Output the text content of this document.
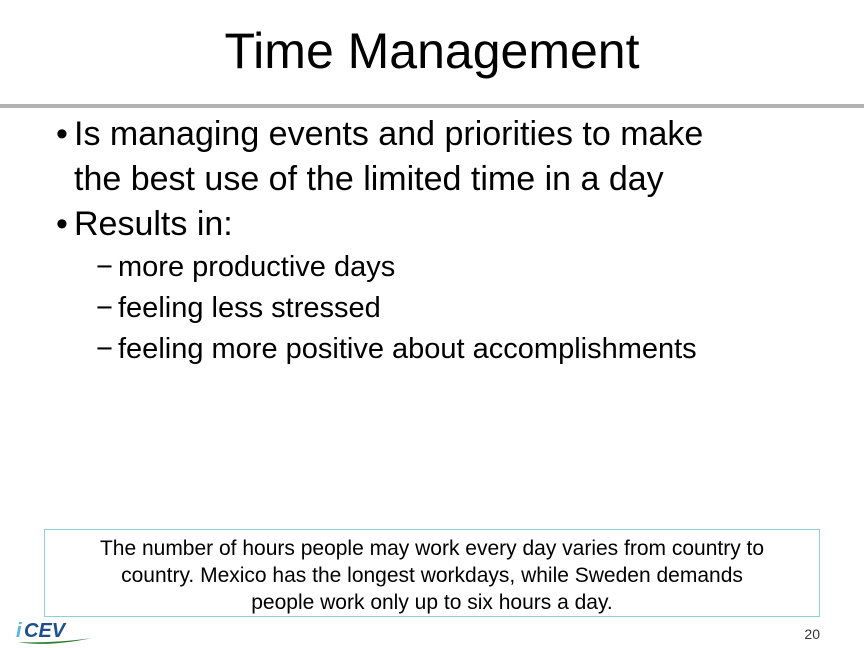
Time Management
• Is managing events and priorities to make
the best use of the limited time in a day
• Results in:
− more productive days
− feeling less stressed
− feeling more positive about accomplishments
The number of hours people may work every day varies from country to
country. Mexico has the longest workdays, while Sweden demands
people work only up to six hours a day.
i CEV	20
